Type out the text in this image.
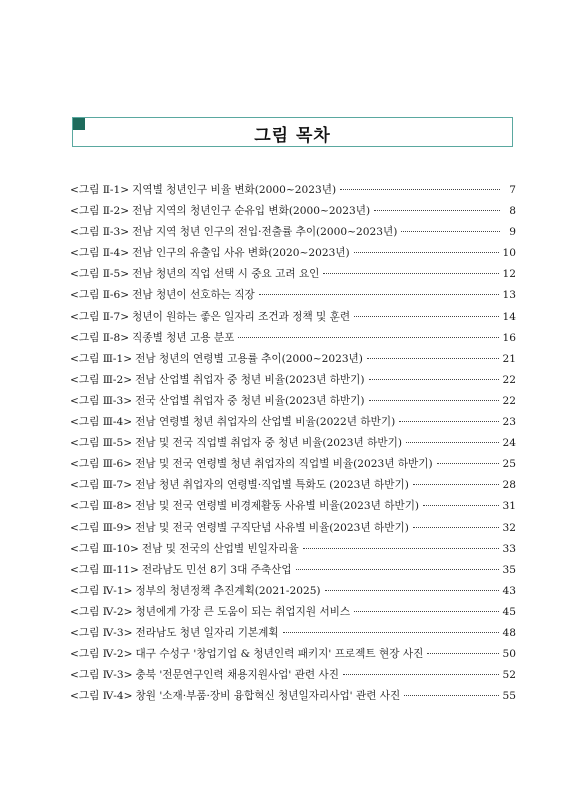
그림 목차
<그림 Ⅱ-1> 지역별 청년인구 비율 변화(2000~2023년)	7
<그림 Ⅱ-2> 전남 지역의 청년인구 순유입 변화(2000~2023년)	8
<그림 Ⅱ-3> 전남 지역 청년 인구의 전입·전출률 추이(2000~2023년)	9
<그림 Ⅱ-4> 전남 인구의 유출입 사유 변화(2020~2023년)	10
<그림 Ⅱ-5> 전남 청년의 직업 선택 시 중요 고려 요인	12
<그림 Ⅱ-6> 전남 청년이 선호하는 직장	13
<그림 Ⅱ-7> 청년이 원하는 좋은 일자리 조건과 정책 및 훈련	14
<그림 Ⅱ-8> 직종별 청년 고용 분포	16
<그림 Ⅲ-1> 전남 청년의 연령별 고용률 추이(2000~2023년)	21
<그림 Ⅲ-2> 전남 산업별 취업자 중 청년 비율(2023년 하반기)	22
<그림 Ⅲ-3> 전국 산업별 취업자 중 청년 비율(2023년 하반기)	22
<그림 Ⅲ-4> 전남 연령별 청년 취업자의 산업별 비율(2022년 하반기)	23
<그림 Ⅲ-5> 전남 및 전국 직업별 취업자 중 청년 비율(2023년 하반기)	24
<그림 Ⅲ-6> 전남 및 전국 연령별 청년 취업자의 직업별 비율(2023년 하반기)	25
<그림 Ⅲ-7> 전남 청년 취업자의 연령별·직업별 특화도 (2023년 하반기)	28
<그림 Ⅲ-8> 전남 및 전국 연령별 비경제활동 사유별 비율(2023년 하반기)	31
<그림 Ⅲ-9> 전남 및 전국 연령별 구직단념 사유별 비율(2023년 하반기)	32
<그림 Ⅲ-10> 전남 및 전국의 산업별 빈일자리율	33
<그림 Ⅲ-11> 전라남도 민선 8기 3대 주축산업	35
<그림 Ⅳ-1> 정부의 청년정책 추진계획(2021-2025)	43
<그림 Ⅳ-2> 청년에게 가장 큰 도움이 되는 취업지원 서비스	45
<그림 Ⅳ-3> 전라남도 청년 일자리 기본계획	48
<그림 Ⅳ-2> 대구 수성구 '창업기업 & 청년인력 패키지' 프로젝트 현장 사진	50
<그림 Ⅳ-3> 충북 '전문연구인력 채용지원사업' 관련 사진	52
<그림 Ⅳ-4> 창원 '소재·부품·장비 융합혁신 청년일자리사업' 관련 사진	55
